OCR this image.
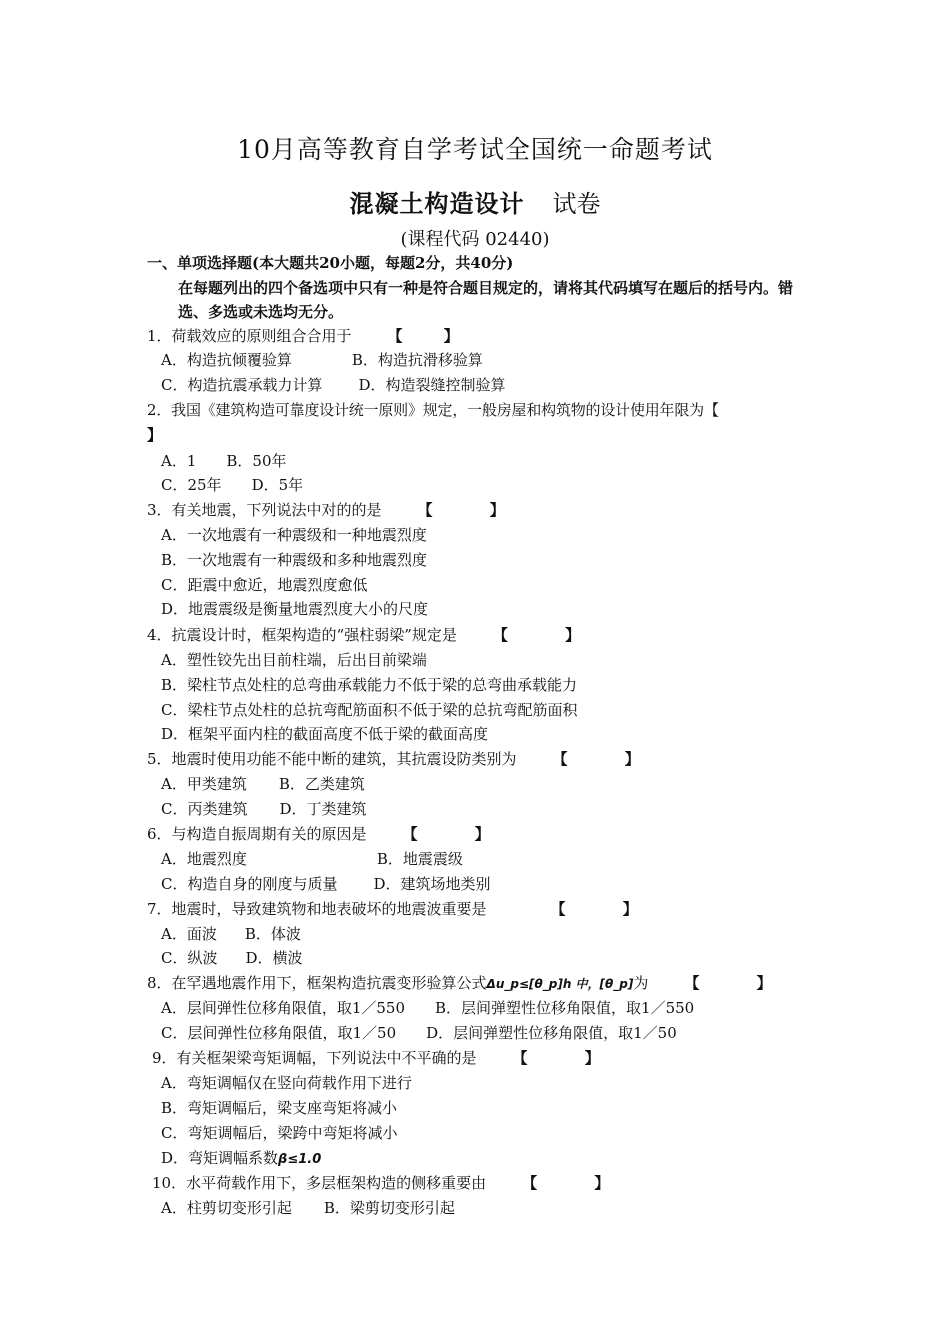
10月高等教育自学考试全国统一命题考试
混凝土构造设计 试卷
(课程代码 02440)
一、单项选择题(本大题共20小题，每题2分，共40分)
在每题列出的四个备选项中只有一种是符合题目规定的，请将其代码填写在题后的括号内。错选、多选或未选均无分。
1．荷载效应的原则组合合用于 【 】
A．构造抗倾覆验算	B．构造抗滑移验算
C．构造抗震承载力计算 D．构造裂缝控制验算
2．我国《建筑构造可靠度设计统一原则》规定，一般房屋和构筑物的设计使用年限为【
】
A．1 B．50年
C．25年 D．5年
3．有关地震，下列说法中对的的是 【 】
A．一次地震有一种震级和一种地震烈度
B．一次地震有一种震级和多种地震烈度
C．距震中愈近，地震烈度愈低
D．地震震级是衡量地震烈度大小的尺度
4．抗震设计时，框架构造的“强柱弱梁”规定是 【 】
A．塑性铰先出目前柱端，后出目前梁端
B．梁柱节点处柱的总弯曲承载能力不低于梁的总弯曲承载能力
C．梁柱节点处柱的总抗弯配筋面积不低于梁的总抗弯配筋面积
D．框架平面内柱的截面高度不低于梁的截面高度
5．地震时使用功能不能中断的建筑，其抗震设防类别为 【 】
A．甲类建筑 B．乙类建筑
C．丙类建筑 D．丁类建筑
6．与构造自振周期有关的原因是 【 】
A．地震烈度	B．地震震级
C．构造自身的刚度与质量 D．建筑场地类别
7．地震时，导致建筑物和地表破坏的地震波重要是	【 】
A．面波 B．体波
C．纵波 D．横波
8．在罕遇地震作用下，框架构造抗震变形验算公式Δu_p≤[θ_p]h 中，[θ_p]为 【 】
A．层间弹性位移角限值，取1／550 B．层间弹塑性位移角限值，取1／550
C．层间弹性位移角限值，取1／50 D．层间弹塑性位移角限值，取1／50
9．有关框架梁弯矩调幅，下列说法中不平确的是 【 】
A．弯矩调幅仅在竖向荷载作用下进行
B．弯矩调幅后，梁支座弯矩将减小
C．弯矩调幅后，梁跨中弯矩将减小
D．弯矩调幅系数β≤1.0
10．水平荷载作用下，多层框架构造的侧移重要由 【 】
A．柱剪切变形引起 B．梁剪切变形引起
